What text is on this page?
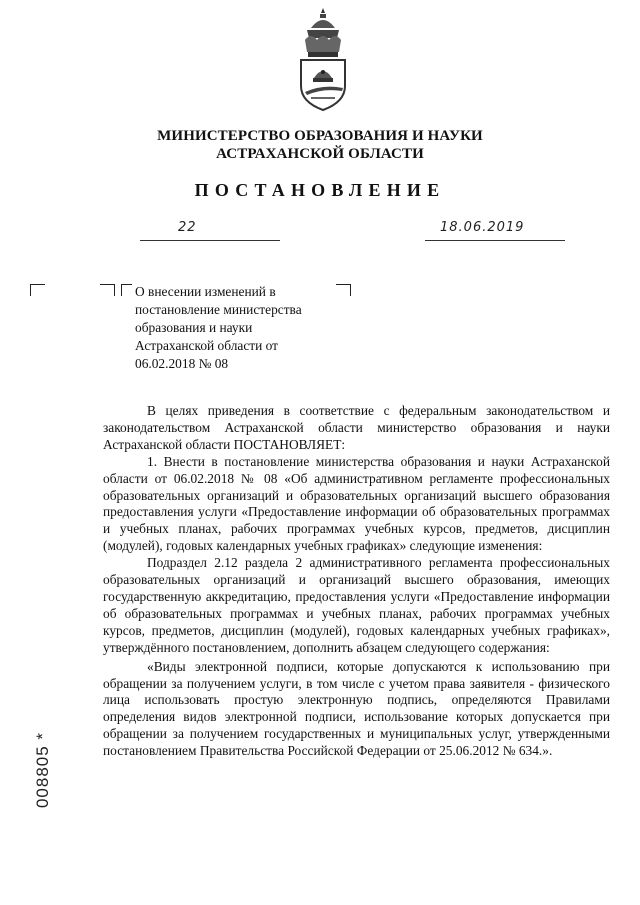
МИНИСТЕРСТВО ОБРАЗОВАНИЯ И НАУКИ
АСТРАХАНСКОЙ ОБЛАСТИ
ПОСТАНОВЛЕНИЕ
22	18.06.2019
О внесении изменений в
постановление министерства
образования и науки
Астраханской области от
06.02.2018 № 08

В целях приведения в соответствие с федеральным законодательством и законодательством Астраханской области министерство образования и науки Астраханской области ПОСТАНОВЛЯЕТ:

1. Внести в постановление министерства образования и науки Астраханской области от 06.02.2018 № 08 «Об административном регламенте профессиональных образовательных организаций и образовательных организаций высшего образования предоставления услуги «Предоставление информации об образовательных программах и учебных планах, рабочих программах учебных курсов, предметов, дисциплин (модулей), годовых календарных учебных графиках» следующие изменения:

Подраздел 2.12 раздела 2 административного регламента профессиональных образовательных организаций и организаций высшего образования, имеющих государственную аккредитацию, предоставления услуги «Предоставление информации об образовательных программах и учебных планах, рабочих программах учебных курсов, предметов, дисциплин (модулей), годовых календарных учебных графиках», утверждённого постановлением, дополнить абзацем следующего содержания:

«Виды электронной подписи, которые допускаются к использованию при обращении за получением услуги, в том числе с учетом права заявителя - физического лица использовать простую электронную подпись, определяются Правилами определения видов электронной подписи, использование которых допускается при обращении за получением государственных и муниципальных услуг, утвержденными постановлением Правительства Российской Федерации от 25.06.2012 № 634.».

008805 *
